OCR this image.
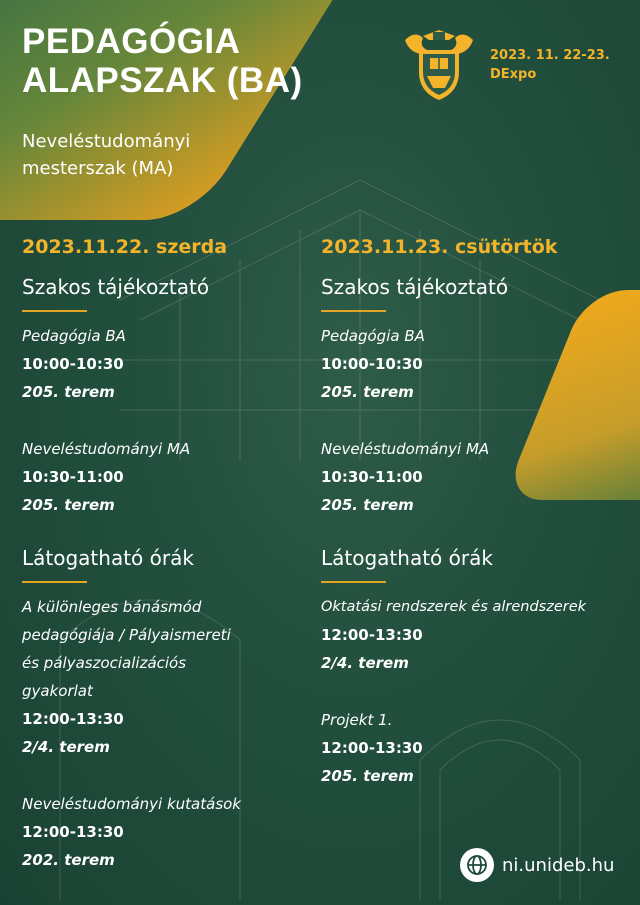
PEDAGÓGIA
ALAPSZAK (BA)

Neveléstudományi
mesterszak (MA)

2023. 11. 22-23.
DExpo
2023.11.22. szerda
Szakos tájékoztató
Pedagógia BA
10:00-10:30
205. terem
Neveléstudományi MA
10:30-11:00
205. terem
Látogatható órák
A különleges bánásmód
pedagógiája / Pályaismereti
és pályaszocializációs
gyakorlat
12:00-13:30
2/4. terem
Neveléstudományi kutatások
12:00-13:30
202. terem
2023.11.23. csütörtök
Szakos tájékoztató
Pedagógia BA
10:00-10:30
205. terem
Neveléstudományi MA
10:30-11:00
205. terem
Látogatható órák
Oktatási rendszerek és alrendszerek
12:00-13:30
2/4. terem
Projekt 1.
12:00-13:30
205. terem
ni.unideb.hu
